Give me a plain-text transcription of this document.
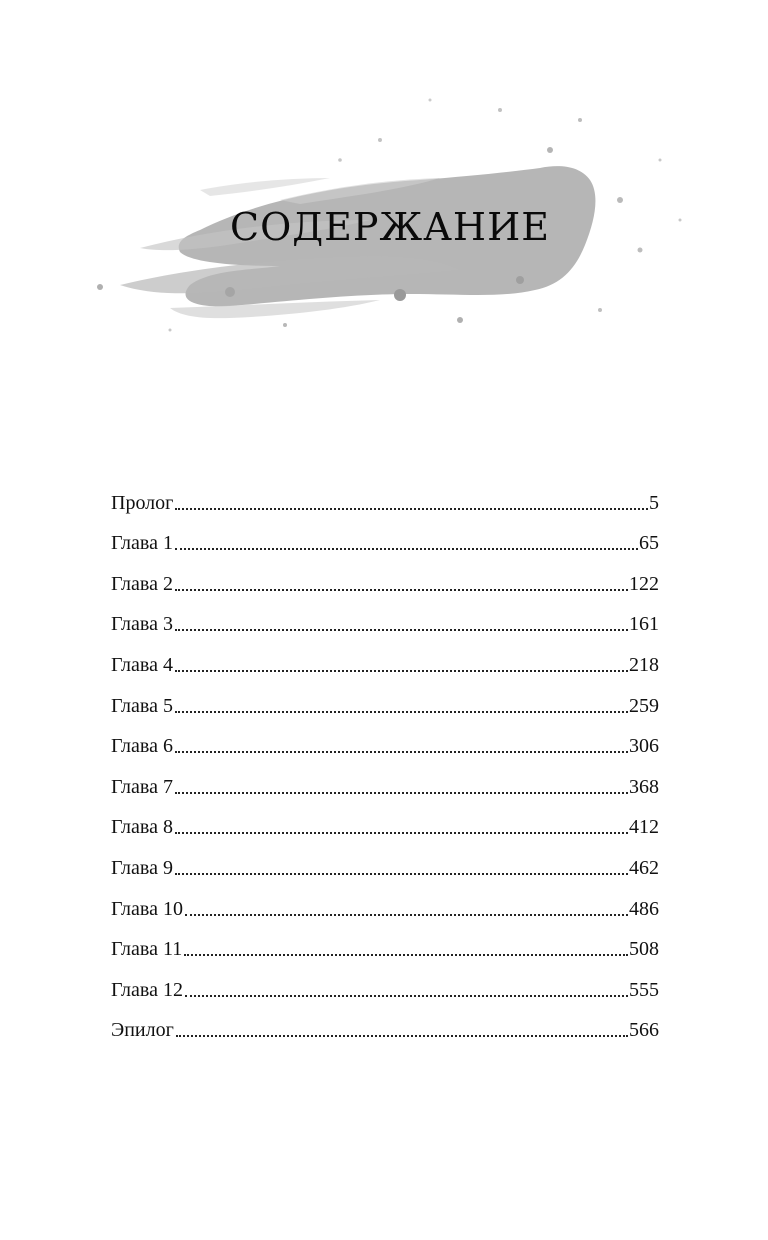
СОДЕРЖАНИЕ
Пролог	5
Глава 1	65
Глава 2	122
Глава 3	161
Глава 4	218
Глава 5	259
Глава 6	306
Глава 7	368
Глава 8	412
Глава 9	462
Глава 10	486
Глава 11	508
Глава 12	555
Эпилог	566
